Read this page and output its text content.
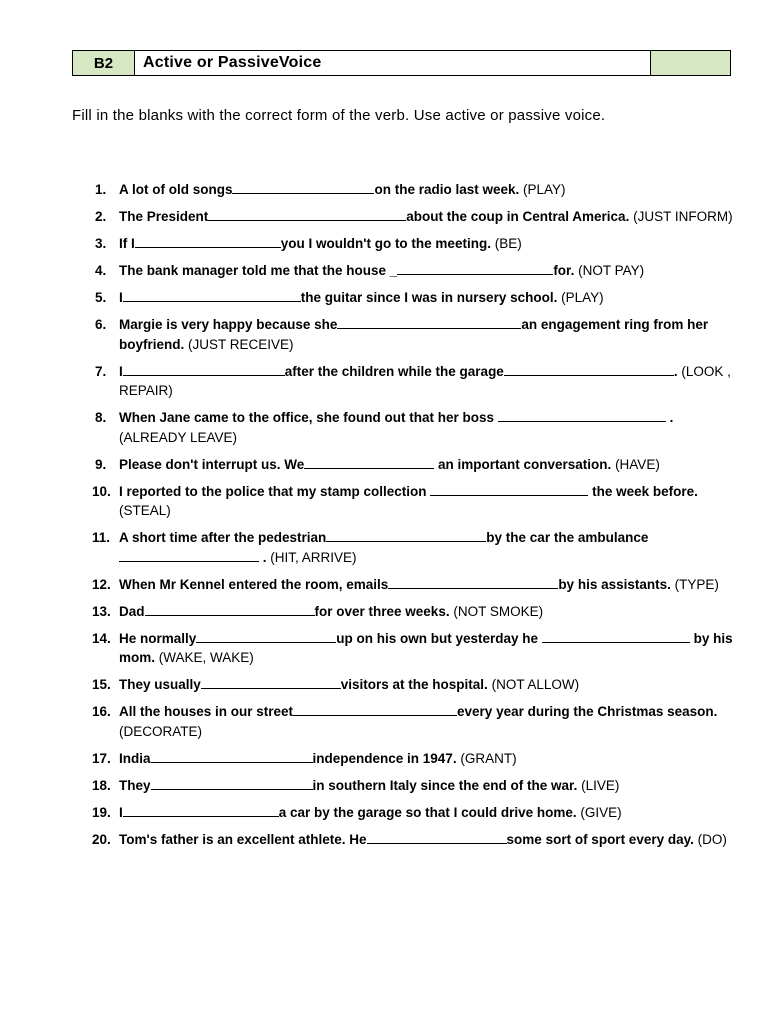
B2	Active or PassiveVoice
Fill in the blanks with the correct form of the verb. Use active or passive voice.
1. A lot of old songs	on the radio last week. (PLAY)
2. The President	about the coup in Central America. (JUST INFORM)
3. If I	you I wouldn't go to the meeting. (BE)
4. The bank manager told me that the house _	for. (NOT PAY)
5. I	the guitar since I was in nursery school. (PLAY)
6. Margie is very happy because she	an engagement ring from her boyfriend. (JUST RECEIVE)
7. I	after the children while the garage	. (LOOK , REPAIR)
8. When Jane came to the office, she found out that her boss	. (ALREADY LEAVE)
9. Please don't interrupt us. We	an important conversation. (HAVE)
10. I reported to the police that my stamp collection	the week before. (STEAL)
11. A short time after the pedestrian	by the car the ambulance  . (HIT, ARRIVE)
12. When Mr Kennel entered the room, emails	by his assistants. (TYPE)
13. Dad	for over three weeks. (NOT SMOKE)
14. He normally	up on his own but yesterday he	by his mom. (WAKE, WAKE)
15. They usually	visitors at the hospital. (NOT ALLOW)
16. All the houses in our street	every year during the Christmas season. (DECORATE)
17. India	independence in 1947. (GRANT)
18. They	in southern Italy since the end of the war. (LIVE)
19. I	a car by the garage so that I could drive home. (GIVE)
20. Tom's father is an excellent athlete. He	some sort of sport every day. (DO)
